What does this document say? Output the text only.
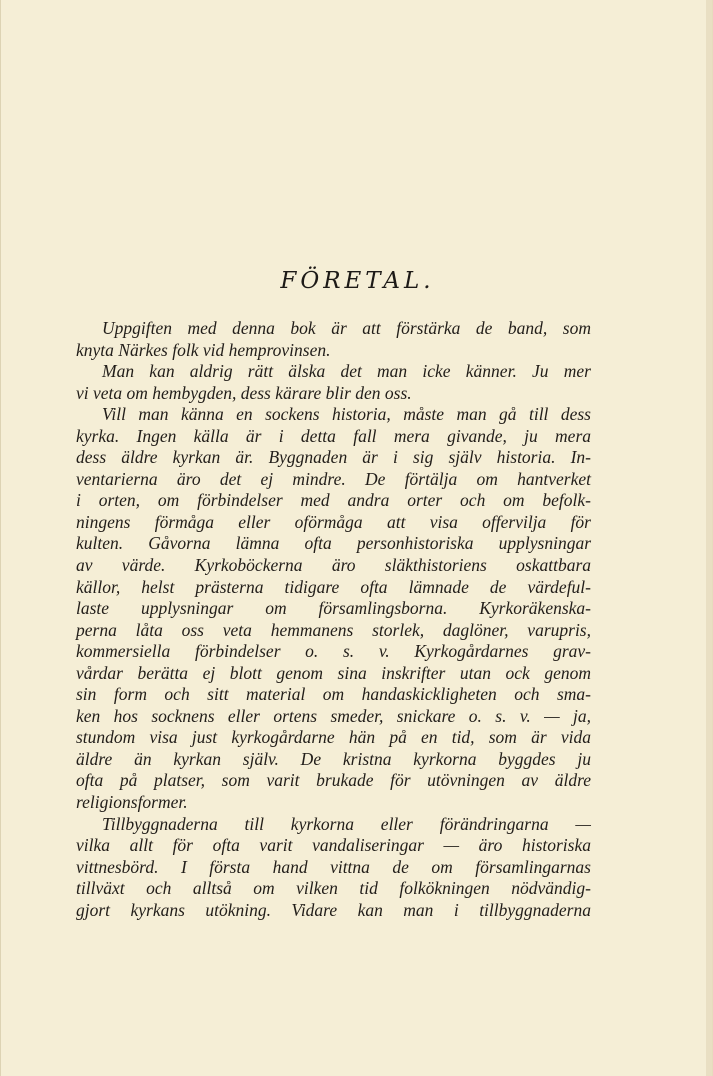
FÖRETAL.
Uppgiften med denna bok är att förstärka de band, som
knyta Närkes folk vid hemprovinsen.
Man kan aldrig rätt älska det man icke känner. Ju mer
vi veta om hembygden, dess kärare blir den oss.
Vill man känna en sockens historia, måste man gå till dess
kyrka. Ingen källa är i detta fall mera givande, ju mera
dess äldre kyrkan är. Byggnaden är i sig själv historia. In-
ventarierna äro det ej mindre. De förtälja om hantverket
i orten, om förbindelser med andra orter och om befolk-
ningens förmåga eller oförmåga att visa offervilja för
kulten. Gåvorna lämna ofta personhistoriska upplysningar
av värde. Kyrkoböckerna äro släkthistoriens oskattbara
källor, helst prästerna tidigare ofta lämnade de värdeful-
laste upplysningar om församlingsborna. Kyrkoräkenska-
perna låta oss veta hemmanens storlek, daglöner, varupris,
kommersiella förbindelser o. s. v. Kyrkogårdarnes grav-
vårdar berätta ej blott genom sina inskrifter utan ock genom
sin form och sitt material om handaskickligheten och sma-
ken hos socknens eller ortens smeder, snickare o. s. v. — ja,
stundom visa just kyrkogårdarne hän på en tid, som är vida
äldre än kyrkan själv. De kristna kyrkorna byggdes ju
ofta på platser, som varit brukade för utövningen av äldre
religionsformer.
Tillbyggnaderna till kyrkorna eller förändringarna —
vilka allt för ofta varit vandaliseringar — äro historiska
vittnesbörd. I första hand vittna de om församlingarnas
tillväxt och alltså om vilken tid folkökningen nödvändig-
gjort kyrkans utökning. Vidare kan man i tillbyggnaderna
